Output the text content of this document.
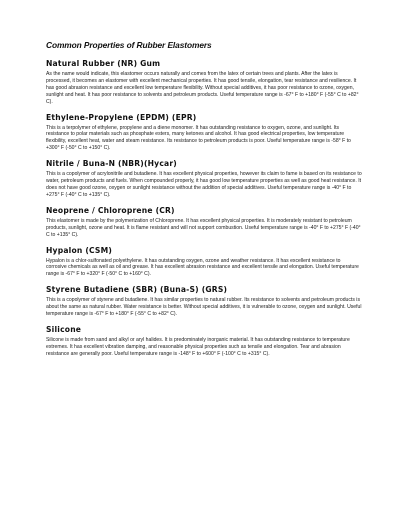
Common Properties of Rubber Elastomers
Natural Rubber (NR) Gum

As the name would indicate, this elastomer occurs naturally and comes from the latex of certain trees and plants. After the latex is processed, it becomes an elastomer with excellent mechanical properties. It has good tensile, elongation, tear resistance and resilience. It has good abrasion resistance and excellent low temperature flexibility. Without special additives, it has poor resistance to ozone, oxygen, sunlight and heat. It has poor resistance to solvents and petroleum products. Useful temperature range is -67° F to +180° F (-55° C to +82° C).

Ethylene-Propylene (EPDM) (EPR)

This is a terpolymer of ethylene, propylene and a diene monomer. It has outstanding resistance to oxygen, ozone, and sunlight. Its resistance to polar materials such as phosphate esters, many ketones and alcohol. It has good electrical properties, low temperature flexibility, excellent heat, water and steam resistance. Its resistance to petroleum products is poor. Useful temperature range is -58° F to +300° F (-50° C to +150° C).

Nitrile / Buna-N (NBR)(Hycar)

This is a copolymer of acrylonitrile and butadiene. It has excellent physical properties, however its claim to fame is based on its resistance to water, petroleum products and fuels. When compounded properly, it has good low temperature properties as well as good heat resistance. It does not have good ozone, oxygen or sunlight resistance without the addition of special additives. Useful temperature range is -40° F to +275° F (-40° C to +135° C).

Neoprene / Chloroprene (CR)

This elastomer is made by the polymerization of Chloroprene. It has excellent physical properties. It is moderately resistant to petroleum products, sunlight, ozone and heat. It is flame resistant and will not support combustion. Useful temperature range is -40° F to +275° F (-40° C to +135° C).

Hypalon (CSM)

Hypalon is a chlor-sulfonated polyethylene. It has outstanding oxygen, ozone and weather resistance. It has excellent resistance to corrosive chemicals as well as oil and grease. It has excellent abrasion resistance and excellent tensile and elongation. Useful temperature range is -67° F to +320° F (-50° C to +160° C).

Styrene Butadiene (SBR) (Buna-S) (GRS)

This is a copolymer of styrene and butadiene. It has similar properties to natural rubber. Its resistance to solvents and petroleum products is about the same as natural rubber. Water resistance is better. Without special additives, it is vulnerable to ozone, oxygen and sunlight. Useful temperature range is -67° F to +180° F (-55° C to +82° C).

Silicone

Silicone is made from sand and alkyl or aryl halides. It is predominately inorganic material. It has outstanding resistance to temperature extremes. It has excellent vibration damping, and reasonable physical properties such as tensile and elongation. Tear and abrasion resistance are generally poor. Useful temperature range is -148° F to +600° F (-100° C to +315° C).
